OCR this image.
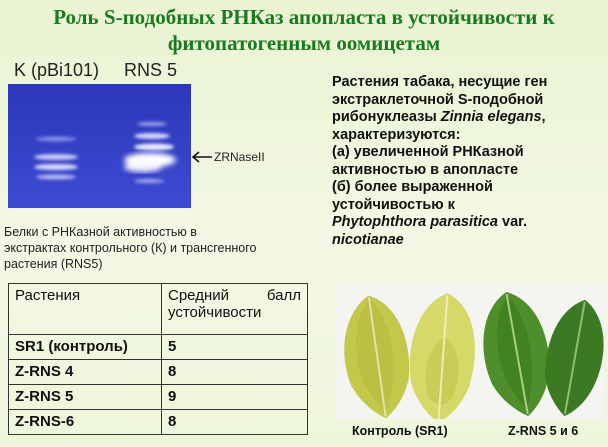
Роль S-подобных РНКаз апопласта в устойчивости к
фитопатогенным оомицетам
K (pBi101) RNS 5
ZRNaseII
Белки с РНКазной активностью в
экстрактах контрольного (К) и трансгенного
растения (RNS5)
Растения табака, несущие ген
экстраклеточной S-подобной
рибонуклеазы Zinnia elegans,
характеризуются:
(а) увеличенной РНКазной
активностью в апопласте
(б) более выраженной
устойчивостью к
Phytophthora parasitica var.
nicotianae
Растения	Средний балл
устойчивости
SR1 (контроль)	5
Z-RNS 4	8
Z-RNS 5	9
Z-RNS-6	8
Контроль (SR1)	Z-RNS 5 и 6
